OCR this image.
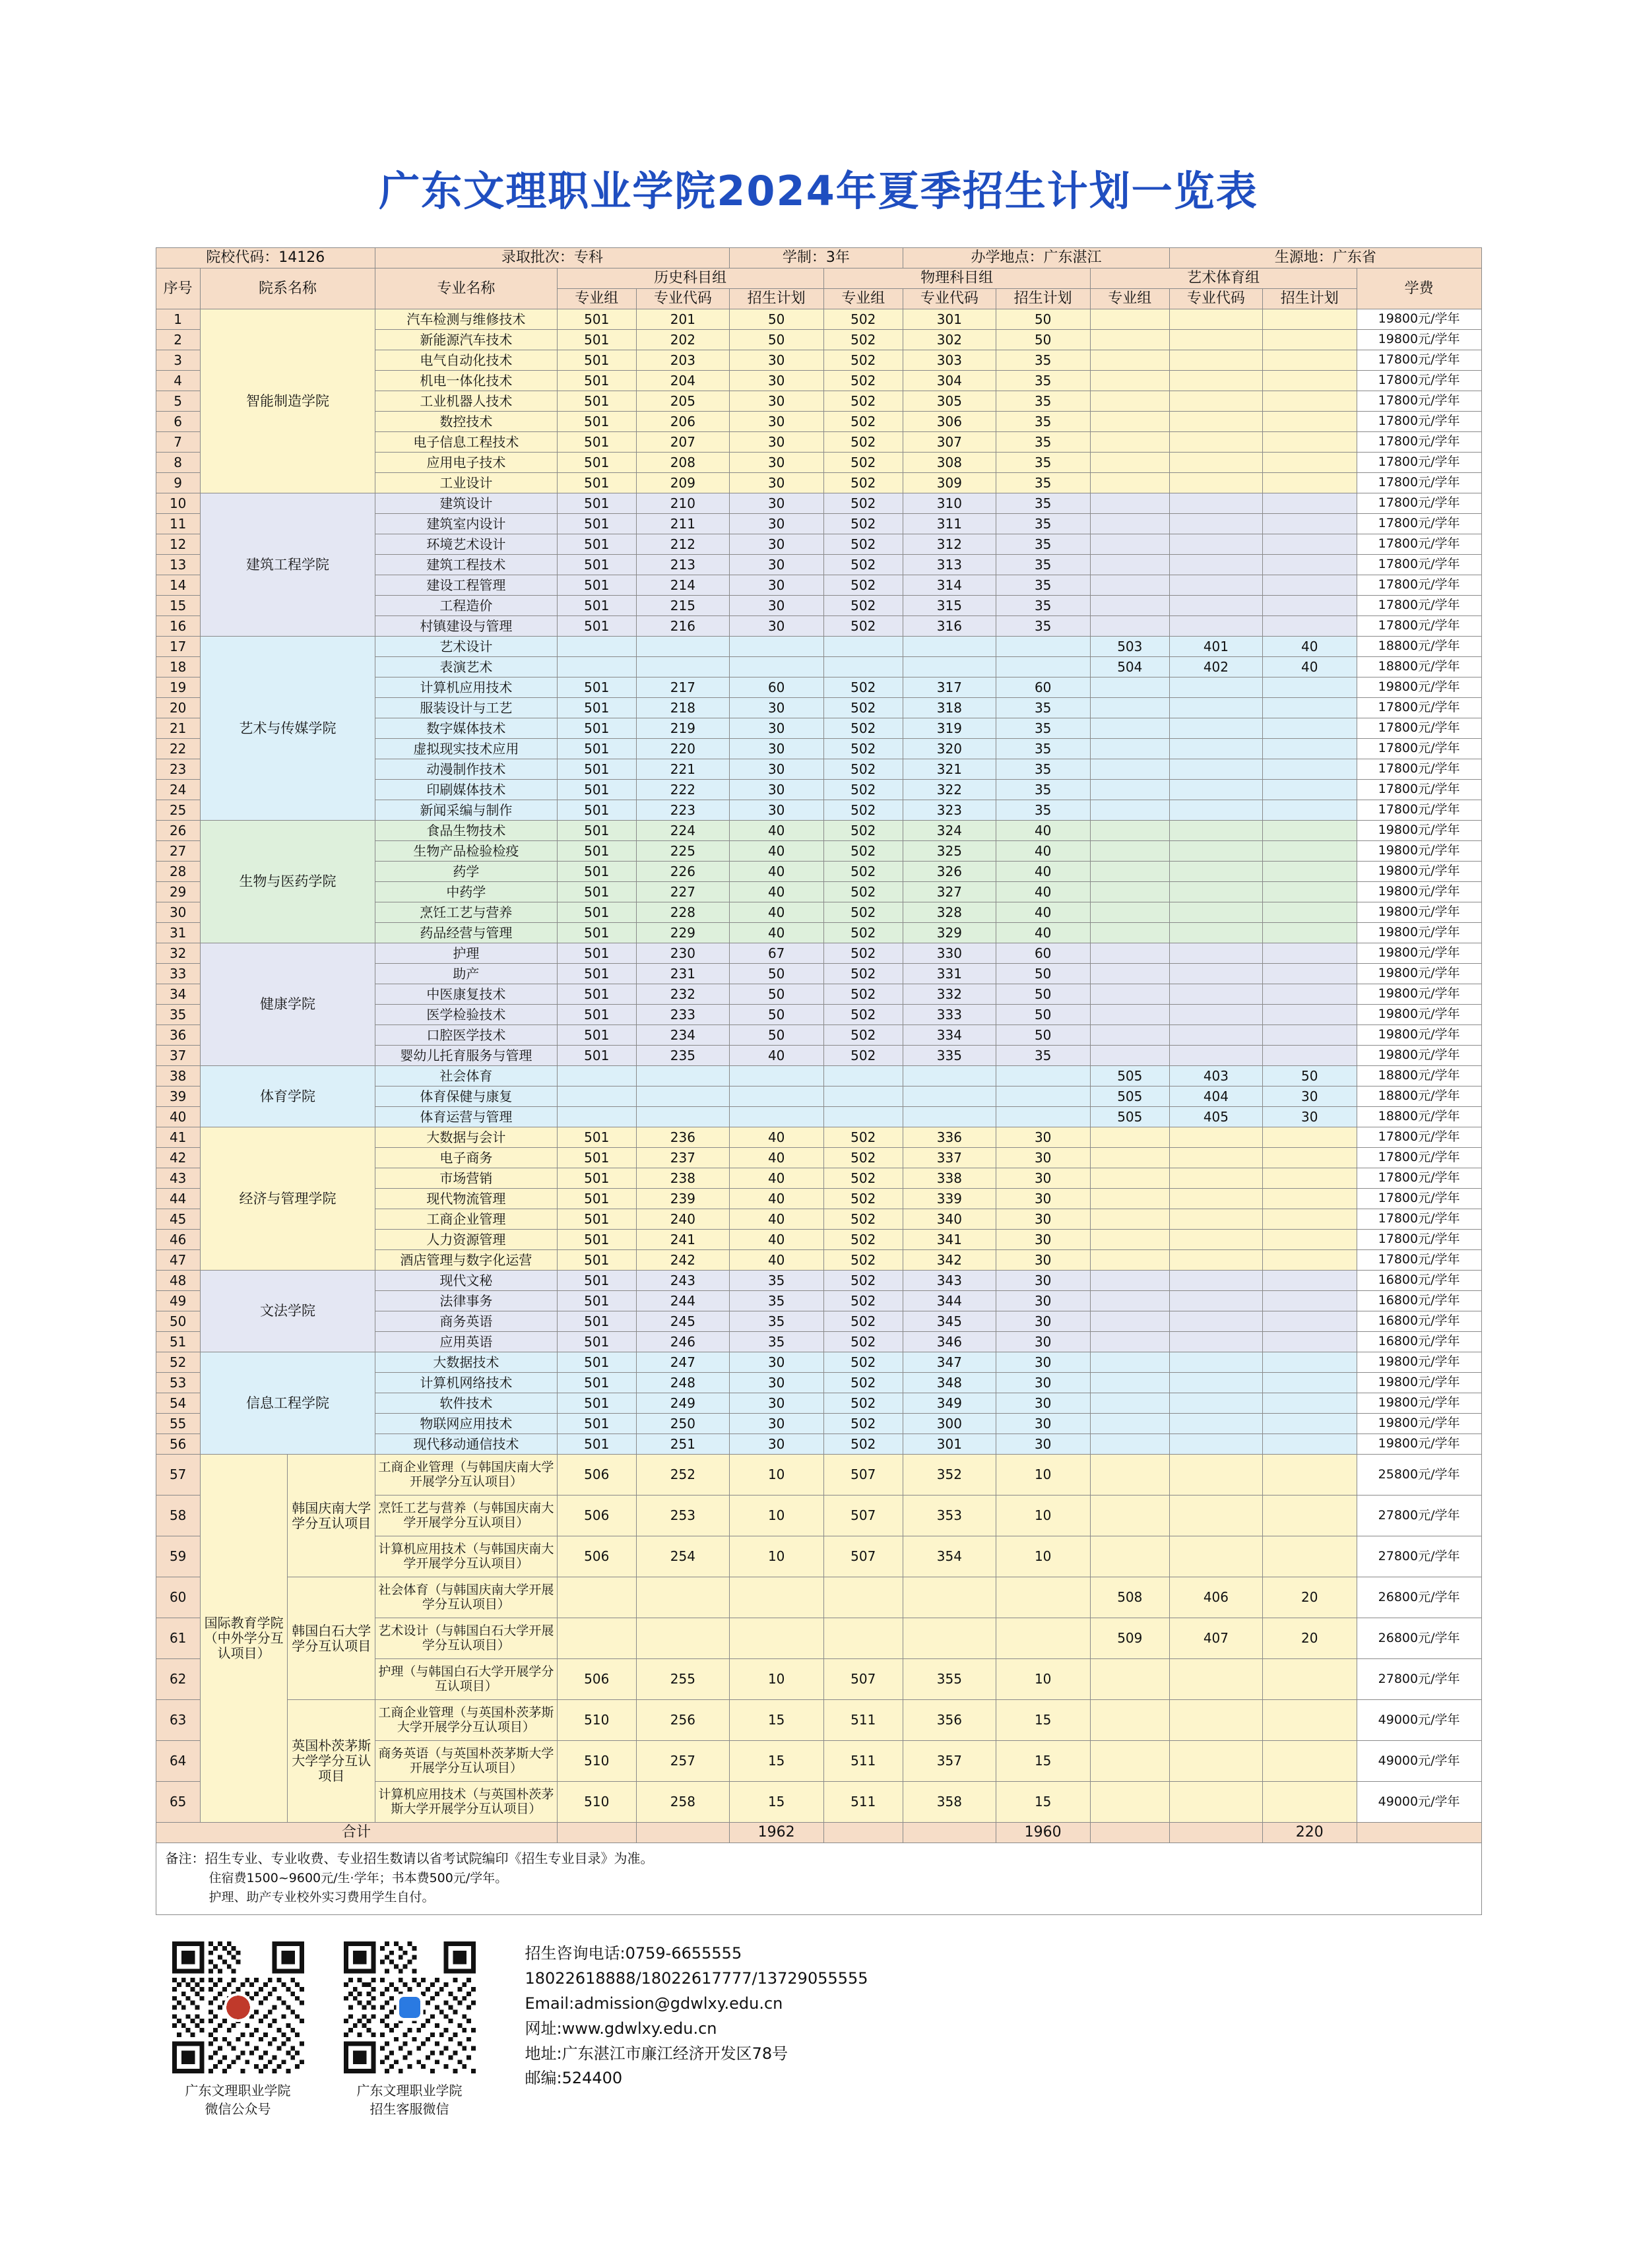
广东文理职业学院2024年夏季招生计划一览表
院校代码：14126			录取批次：专科			学制：3年		办学地点：广东湛江			生源地：广东省		
序号	院系名称		专业名称	历史科目组			物理科目组			艺术体育组			学费
				专业组	专业代码	招生计划	专业组	专业代码	招生计划	专业组	专业代码	招生计划	
1	智能制造学院		汽车检测与维修技术	501	201	50	502	301	50				19800元/学年
2			新能源汽车技术	501	202	50	502	302	50				19800元/学年
3			电气自动化技术	501	203	30	502	303	35				17800元/学年
4			机电一体化技术	501	204	30	502	304	35				17800元/学年
5			工业机器人技术	501	205	30	502	305	35				17800元/学年
6			数控技术	501	206	30	502	306	35				17800元/学年
7			电子信息工程技术	501	207	30	502	307	35				17800元/学年
8			应用电子技术	501	208	30	502	308	35				17800元/学年
9			工业设计	501	209	30	502	309	35				17800元/学年
10	建筑工程学院		建筑设计	501	210	30	502	310	35				17800元/学年
11			建筑室内设计	501	211	30	502	311	35				17800元/学年
12			环境艺术设计	501	212	30	502	312	35				17800元/学年
13			建筑工程技术	501	213	30	502	313	35				17800元/学年
14			建设工程管理	501	214	30	502	314	35				17800元/学年
15			工程造价	501	215	30	502	315	35				17800元/学年
16			村镇建设与管理	501	216	30	502	316	35				17800元/学年
17	艺术与传媒学院		艺术设计							503	401	40	18800元/学年
18			表演艺术							504	402	40	18800元/学年
19			计算机应用技术	501	217	60	502	317	60				19800元/学年
20			服装设计与工艺	501	218	30	502	318	35				17800元/学年
21			数字媒体技术	501	219	30	502	319	35				17800元/学年
22			虚拟现实技术应用	501	220	30	502	320	35				17800元/学年
23			动漫制作技术	501	221	30	502	321	35				17800元/学年
24			印刷媒体技术	501	222	30	502	322	35				17800元/学年
25			新闻采编与制作	501	223	30	502	323	35				17800元/学年
26	生物与医药学院		食品生物技术	501	224	40	502	324	40				19800元/学年
27			生物产品检验检疫	501	225	40	502	325	40				19800元/学年
28			药学	501	226	40	502	326	40				19800元/学年
29			中药学	501	227	40	502	327	40				19800元/学年
30			烹饪工艺与营养	501	228	40	502	328	40				19800元/学年
31			药品经营与管理	501	229	40	502	329	40				19800元/学年
32	健康学院		护理	501	230	67	502	330	60				19800元/学年
33			助产	501	231	50	502	331	50				19800元/学年
34			中医康复技术	501	232	50	502	332	50				19800元/学年
35			医学检验技术	501	233	50	502	333	50				19800元/学年
36			口腔医学技术	501	234	50	502	334	50				19800元/学年
37			婴幼儿托育服务与管理	501	235	40	502	335	35				19800元/学年
38	体育学院		社会体育							505	403	50	18800元/学年
39			体育保健与康复							505	404	30	18800元/学年
40			体育运营与管理							505	405	30	18800元/学年
41	经济与管理学院		大数据与会计	501	236	40	502	336	30				17800元/学年
42			电子商务	501	237	40	502	337	30				17800元/学年
43			市场营销	501	238	40	502	338	30				17800元/学年
44			现代物流管理	501	239	40	502	339	30				17800元/学年
45			工商企业管理	501	240	40	502	340	30				17800元/学年
46			人力资源管理	501	241	40	502	341	30				17800元/学年
47			酒店管理与数字化运营	501	242	40	502	342	30				17800元/学年
48	文法学院		现代文秘	501	243	35	502	343	30				16800元/学年
49			法律事务	501	244	35	502	344	30				16800元/学年
50			商务英语	501	245	35	502	345	30				16800元/学年
51			应用英语	501	246	35	502	346	30				16800元/学年
52	信息工程学院		大数据技术	501	247	30	502	347	30				19800元/学年
53			计算机网络技术	501	248	30	502	348	30				19800元/学年
54			软件技术	501	249	30	502	349	30				19800元/学年
55			物联网应用技术	501	250	30	502	300	30				19800元/学年
56			现代移动通信技术	501	251	30	502	301	30				19800元/学年
57	国际教育学院（中外学分互认项目）	韩国庆南大学学分互认项目	工商企业管理（与韩国庆南大学开展学分互认项目）	506	252	10	507	352	10				25800元/学年
58			烹饪工艺与营养（与韩国庆南大学开展学分互认项目）	506	253	10	507	353	10				27800元/学年
59			计算机应用技术（与韩国庆南大学开展学分互认项目）	506	254	10	507	354	10				27800元/学年
60		韩国白石大学学分互认项目	社会体育（与韩国庆南大学开展学分互认项目）							508	406	20	26800元/学年
61			艺术设计（与韩国白石大学开展学分互认项目）							509	407	20	26800元/学年
62			护理（与韩国白石大学开展学分互认项目）	506	255	10	507	355	10				27800元/学年
63		英国朴茨茅斯大学学分互认项目	工商企业管理（与英国朴茨茅斯大学开展学分互认项目）	510	256	15	511	356	15				49000元/学年
64			商务英语（与英国朴茨茅斯大学开展学分互认项目）	510	257	15	511	357	15				49000元/学年
65			计算机应用技术（与英国朴茨茅斯大学开展学分互认项目）	510	258	15	511	358	15				49000元/学年
合计						1962			1960			220	
备注：招生专业、专业收费、专业招生数请以省考试院编印《招生专业目录》为准。
住宿费1500~9600元/生·学年；书本费500元/学年。
护理、助产专业校外实习费用学生自付。
广东文理职业学院
微信公众号
广东文理职业学院
招生客服微信
招生咨询电话:0759-6655555
18022618888/18022617777/13729055555
Email:admission@gdwlxy.edu.cn
网址:www.gdwlxy.edu.cn
地址:广东湛江市廉江经济开发区78号
邮编:524400
